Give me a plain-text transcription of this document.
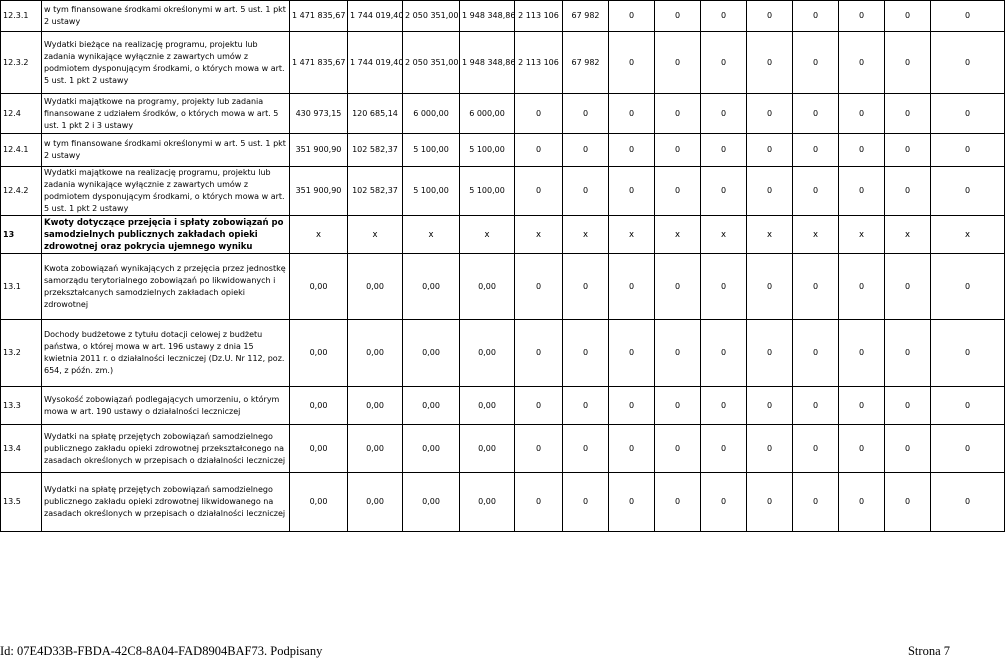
12.3.1	w tym finansowane środkami określonymi w art. 5 ust. 1 pkt 2 ustawy	1 471 835,67	1 744 019,40	2 050 351,00	1 948 348,86	2 113 106	67 982	0	0	0	0	0	0	0	0
12.3.2	Wydatki bieżące na realizację programu, projektu lub zadania wynikające wyłącznie z zawartych umów z podmiotem dysponującym środkami, o których mowa w art. 5 ust. 1 pkt 2 ustawy	1 471 835,67	1 744 019,40	2 050 351,00	1 948 348,86	2 113 106	67 982	0	0	0	0	0	0	0	0
12.4	Wydatki majątkowe na programy, projekty lub zadania finansowane z udziałem środków, o których mowa w art. 5 ust. 1 pkt 2 i 3 ustawy	430 973,15	120 685,14	6 000,00	6 000,00	0	0	0	0	0	0	0	0	0	0
12.4.1	w tym finansowane środkami określonymi w art. 5 ust. 1 pkt 2 ustawy	351 900,90	102 582,37	5 100,00	5 100,00	0	0	0	0	0	0	0	0	0	0
12.4.2	Wydatki majątkowe na realizację programu, projektu lub zadania wynikające wyłącznie z zawartych umów z podmiotem dysponującym środkami, o których mowa w art. 5 ust. 1 pkt 2 ustawy	351 900,90	102 582,37	5 100,00	5 100,00	0	0	0	0	0	0	0	0	0	0
13	Kwoty dotyczące przejęcia i spłaty zobowiązań po samodzielnych publicznych zakładach opieki zdrowotnej oraz pokrycia ujemnego wyniku	x	x	x	x	x	x	x	x	x	x	x	x	x	x
13.1	Kwota zobowiązań wynikających z przejęcia przez jednostkę samorządu terytorialnego zobowiązań po likwidowanych i przekształcanych samodzielnych zakładach opieki zdrowotnej	0,00	0,00	0,00	0,00	0	0	0	0	0	0	0	0	0	0
13.2	Dochody budżetowe z tytułu dotacji celowej z budżetu państwa, o której mowa w art. 196 ustawy z dnia 15 kwietnia 2011 r. o działalności leczniczej (Dz.U. Nr 112, poz. 654, z późn. zm.)	0,00	0,00	0,00	0,00	0	0	0	0	0	0	0	0	0	0
13.3	Wysokość zobowiązań podlegających umorzeniu, o którym mowa w art. 190 ustawy o działalności leczniczej	0,00	0,00	0,00	0,00	0	0	0	0	0	0	0	0	0	0
13.4	Wydatki na spłatę przejętych zobowiązań samodzielnego publicznego zakładu opieki zdrowotnej przekształconego na zasadach określonych w przepisach o działalności leczniczej	0,00	0,00	0,00	0,00	0	0	0	0	0	0	0	0	0	0
13.5	Wydatki na spłatę przejętych zobowiązań samodzielnego publicznego zakładu opieki zdrowotnej likwidowanego na zasadach określonych w przepisach o działalności leczniczej	0,00	0,00	0,00	0,00	0	0	0	0	0	0	0	0	0	0
Id: 07E4D33B-FBDA-42C8-8A04-FAD8904BAF73. Podpisany	Strona 7
